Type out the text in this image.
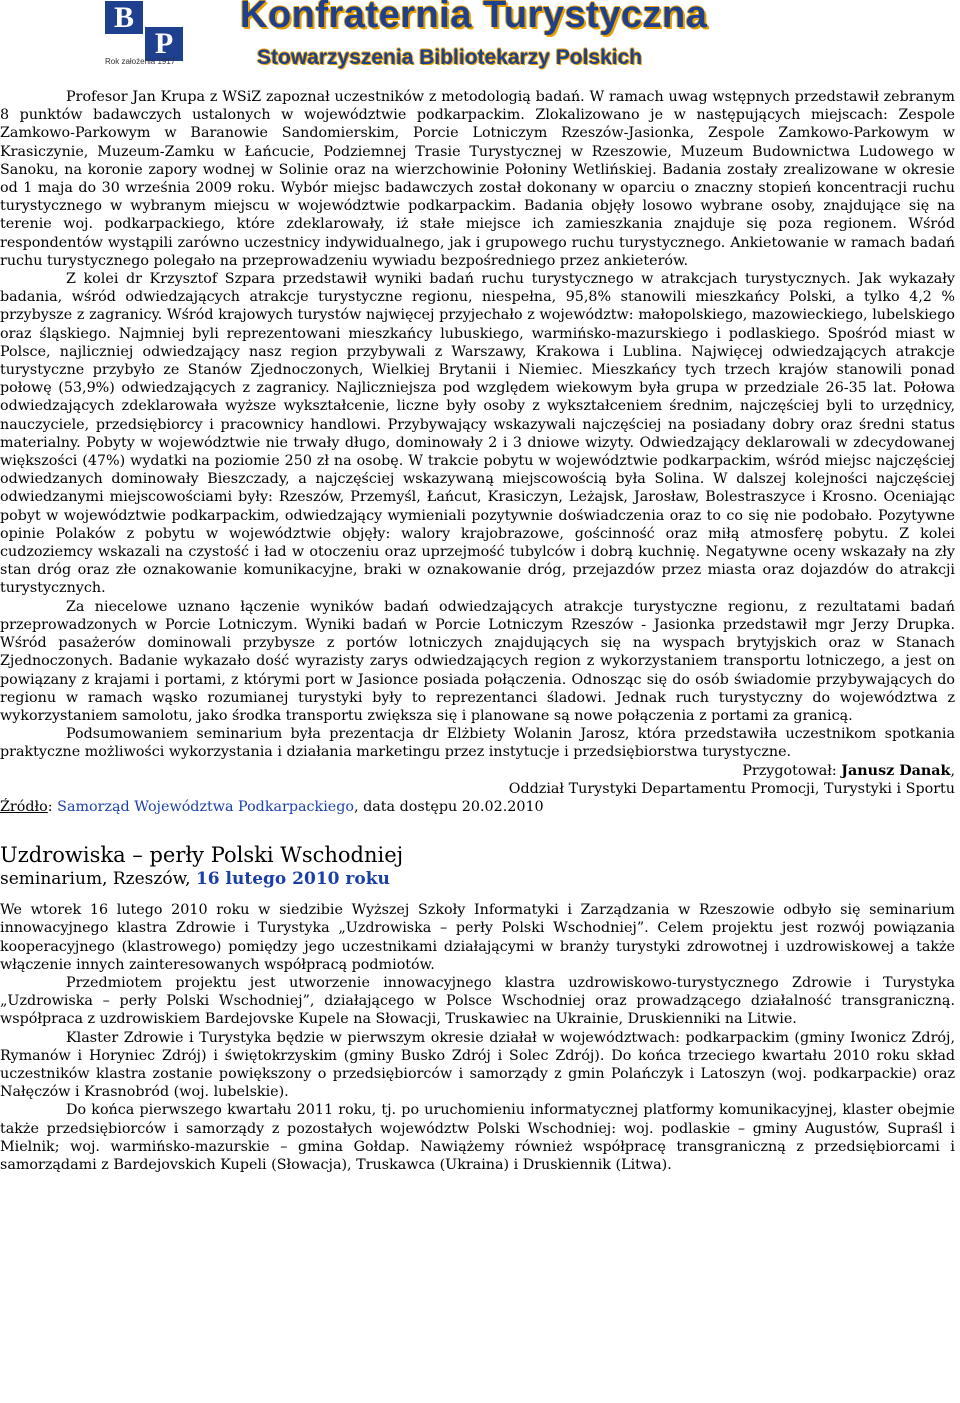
B
P
Rok założenia 1917
Konfraternia Turystyczna
Stowarzyszenia Bibliotekarzy Polskich

Profesor Jan Krupa z WSiZ zapoznał uczestników z metodologią badań. W ramach uwag wstępnych przedstawił zebranym 8 punktów badawczych ustalonych w województwie podkarpackim. Zlokalizowano je w następujących miejscach: Zespole Zamkowo-Parkowym w Baranowie Sandomierskim, Porcie Lotniczym Rzeszów-Jasionka, Zespole Zamkowo-Parkowym w Krasiczynie, Muzeum-Zamku w Łańcucie, Podziemnej Trasie Turystycznej w Rzeszowie, Muzeum Budownictwa Ludowego w Sanoku, na koronie zapory wodnej w Solinie oraz na wierzchowinie Połoniny Wetlińskiej. Badania zostały zrealizowane w okresie od 1 maja do 30 września 2009 roku. Wybór miejsc badawczych został dokonany w oparciu o znaczny stopień koncentracji ruchu turystycznego w wybranym miejscu w województwie podkarpackim. Badania objęły losowo wybrane osoby, znajdujące się na terenie woj. podkarpackiego, które zdeklarowały, iż stałe miejsce ich zamieszkania znajduje się poza regionem. Wśród respondentów wystąpili zarówno uczestnicy indywidualnego, jak i grupowego ruchu turystycznego. Ankietowanie w ramach badań ruchu turystycznego polegało na przeprowadzeniu wywiadu bezpośredniego przez ankieterów.

Z kolei dr Krzysztof Szpara przedstawił wyniki badań ruchu turystycznego w atrakcjach turystycznych. Jak wykazały badania, wśród odwiedzających atrakcje turystyczne regionu, niespełna, 95,8% stanowili mieszkańcy Polski, a tylko 4,2 % przybysze z zagranicy. Wśród krajowych turystów najwięcej przyjechało z województw: małopolskiego, mazowieckiego, lubelskiego oraz śląskiego. Najmniej byli reprezentowani mieszkańcy lubuskiego, warmińsko-mazurskiego i podlaskiego. Spośród miast w Polsce, najliczniej odwiedzający nasz region przybywali z Warszawy, Krakowa i Lublina. Najwięcej odwiedzających atrakcje turystyczne przybyło ze Stanów Zjednoczonych, Wielkiej Brytanii i Niemiec. Mieszkańcy tych trzech krajów stanowili ponad połowę (53,9%) odwiedzających z zagranicy. Najliczniejsza pod względem wiekowym była grupa w przedziale 26-35 lat. Połowa odwiedzających zdeklarowała wyższe wykształcenie, liczne były osoby z wykształceniem średnim, najczęściej byli to urzędnicy, nauczyciele, przedsiębiorcy i pracownicy handlowi. Przybywający wskazywali najczęściej na posiadany dobry oraz średni status materialny. Pobyty w województwie nie trwały długo, dominowały 2 i 3 dniowe wizyty. Odwiedzający deklarowali w zdecydowanej większości (47%) wydatki na poziomie 250 zł na osobę. W trakcie pobytu w województwie podkarpackim, wśród miejsc najczęściej odwiedzanych dominowały Bieszczady, a najczęściej wskazywaną miejscowością była Solina. W dalszej kolejności najczęściej odwiedzanymi miejscowościami były: Rzeszów, Przemyśl, Łańcut, Krasiczyn, Leżajsk, Jarosław, Bolestraszyce i Krosno. Oceniając pobyt w województwie podkarpackim, odwiedzający wymieniali pozytywnie doświadczenia oraz to co się nie podobało. Pozytywne opinie Polaków z pobytu w województwie objęły: walory krajobrazowe, gościnność oraz miłą atmosferę pobytu. Z kolei cudzoziemcy wskazali na czystość i ład w otoczeniu oraz uprzejmość tubylców i dobrą kuchnię. Negatywne oceny wskazały na zły stan dróg oraz złe oznakowanie komunikacyjne, braki w oznakowanie dróg, przejazdów przez miasta oraz dojazdów do atrakcji turystycznych.

Za niecelowe uznano łączenie wyników badań odwiedzających atrakcje turystyczne regionu, z rezultatami badań przeprowadzonych w Porcie Lotniczym. Wyniki badań w Porcie Lotniczym Rzeszów - Jasionka przedstawił mgr Jerzy Drupka. Wśród pasażerów dominowali przybysze z portów lotniczych znajdujących się na wyspach brytyjskich oraz w Stanach Zjednoczonych. Badanie wykazało dość wyrazisty zarys odwiedzających region z wykorzystaniem transportu lotniczego, a jest on powiązany z krajami i portami, z którymi port w Jasionce posiada połączenia. Odnosząc się do osób świadomie przybywających do regionu w ramach wąsko rozumianej turystyki były to reprezentanci śladowi. Jednak ruch turystyczny do województwa z wykorzystaniem samolotu, jako środka transportu zwiększa się i planowane są nowe połączenia z portami za granicą.

Podsumowaniem seminarium była prezentacja dr Elżbiety Wolanin Jarosz, która przedstawiła uczestnikom spotkania praktyczne możliwości wykorzystania i działania marketingu przez instytucje i przedsiębiorstwa turystyczne.

Przygotował: Janusz Danak,

Oddział Turystyki Departamentu Promocji, Turystyki i Sportu

Źródło: Samorząd Województwa Podkarpackiego, data dostępu 20.02.2010

Uzdrowiska – perły Polski Wschodniej

seminarium, Rzeszów, 16 lutego 2010 roku

We wtorek 16 lutego 2010 roku w siedzibie Wyższej Szkoły Informatyki i Zarządzania w Rzeszowie odbyło się seminarium innowacyjnego klastra Zdrowie i Turystyka „Uzdrowiska – perły Polski Wschodniej”. Celem projektu jest rozwój powiązania kooperacyjnego (klastrowego) pomiędzy jego uczestnikami działającymi w branży turystyki zdrowotnej i uzdrowiskowej a także włączenie innych zainteresowanych współpracą podmiotów.

Przedmiotem projektu jest utworzenie innowacyjnego klastra uzdrowiskowo-turystycznego Zdrowie i Turystyka „Uzdrowiska – perły Polski Wschodniej”, działającego w Polsce Wschodniej oraz prowadzącego działalność transgraniczną. współpraca z uzdrowiskiem Bardejovske Kupele na Słowacji, Truskawiec na Ukrainie, Druskienniki na Litwie.

Klaster Zdrowie i Turystyka będzie w pierwszym okresie działał w województwach: podkarpackim (gminy Iwonicz Zdrój, Rymanów i Horyniec Zdrój) i świętokrzyskim (gminy Busko Zdrój i Solec Zdrój). Do końca trzeciego kwartału 2010 roku skład uczestników klastra zostanie powiększony o przedsiębiorców i samorządy z gmin Polańczyk i Latoszyn (woj. podkarpackie) oraz Nałęczów i Krasnobród (woj. lubelskie).

Do końca pierwszego kwartału 2011 roku, tj. po uruchomieniu informatycznej platformy komunikacyjnej, klaster obejmie także przedsiębiorców i samorządy z pozostałych województw Polski Wschodniej: woj. podlaskie – gminy Augustów, Supraśl i Mielnik; woj. warmińsko-mazurskie – gmina Gołdap. Nawiążemy również współpracę transgraniczną z przedsiębiorcami i samorządami z Bardejovskich Kupeli (Słowacja), Truskawca (Ukraina) i Druskiennik (Litwa).
